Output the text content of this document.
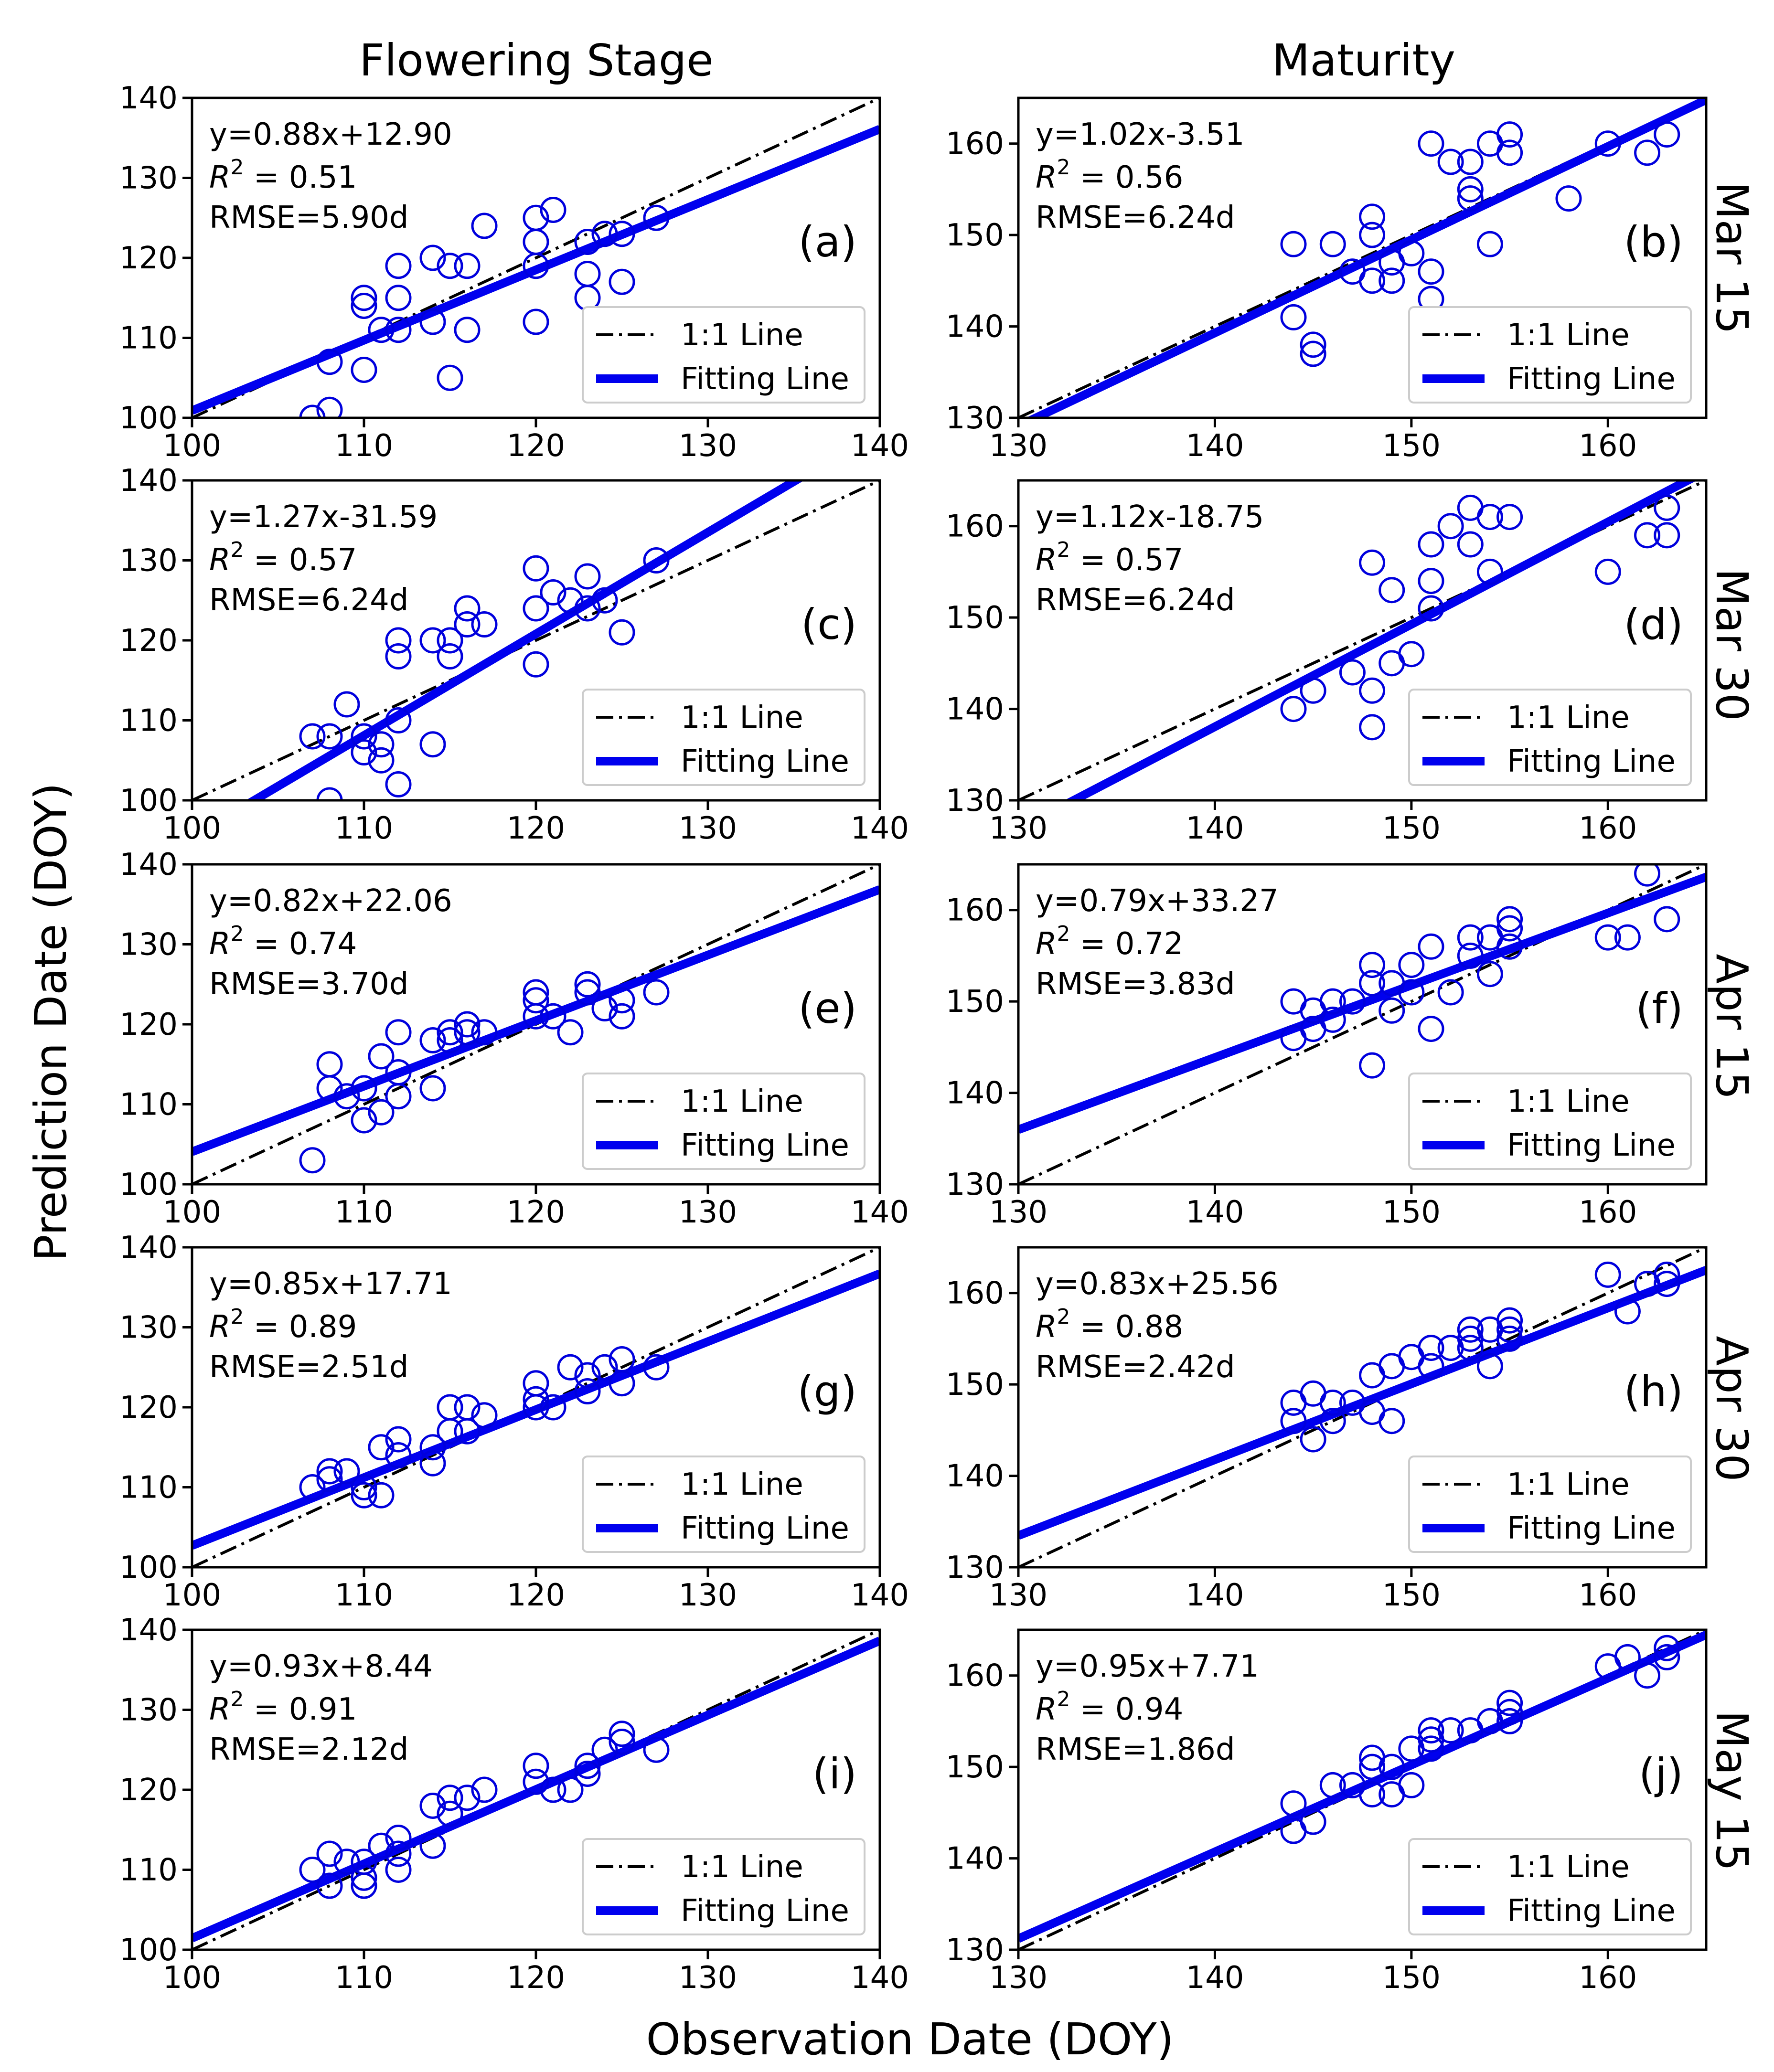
Flowering Stage	Maturity
Prediction Date (DOY)
Observation Date (DOY)
Mar 15
Mar 30
Apr 15
Apr 30
May 15
100	110	120	130	140
100
110
120
130
140
y=0.88x+12.90
$R^2 = 0.51$
RMSE=5.90d	(a)
1:1 Line
Fitting Line
130	140	150	160
130
140
150
160 y=1.02x-3.51
$R^2 = 0.56$
RMSE=6.24d	(b)
1:1 Line
Fitting Line
100	110	120	130	140
100
110
120
130
140
y=1.27x-31.59
$R^2 = 0.57$
RMSE=6.24d	(c)
1:1 Line
Fitting Line
130	140	150	160
130
140
150
160 y=1.12x-18.75
$R^2 = 0.57$
RMSE=6.24d	(d)
1:1 Line
Fitting Line
100	110	120	130	140
100
110
120
130
140
y=0.82x+22.06
$R^2 = 0.74$
RMSE=3.70d	(e)
1:1 Line
Fitting Line
130	140	150	160
130
140
150
160 y=0.79x+33.27
$R^2 = 0.72$
RMSE=3.83d	(f)
1:1 Line
Fitting Line
100	110	120	130	140
100
110
120
130
140
y=0.85x+17.71
$R^2 = 0.89$
RMSE=2.51d	(g)
1:1 Line
Fitting Line
130	140	150	160
130
140
150
160 y=0.83x+25.56
$R^2 = 0.88$
RMSE=2.42d	(h)
1:1 Line
Fitting Line
100	110	120	130	140
100
110
120
130
140
y=0.93x+8.44
$R^2 = 0.91$
RMSE=2.12d	(i)
1:1 Line
Fitting Line
130	140	150	160
130
140
150
160 y=0.95x+7.71
$R^2 = 0.94$
RMSE=1.86d	(j)
1:1 Line
Fitting Line
